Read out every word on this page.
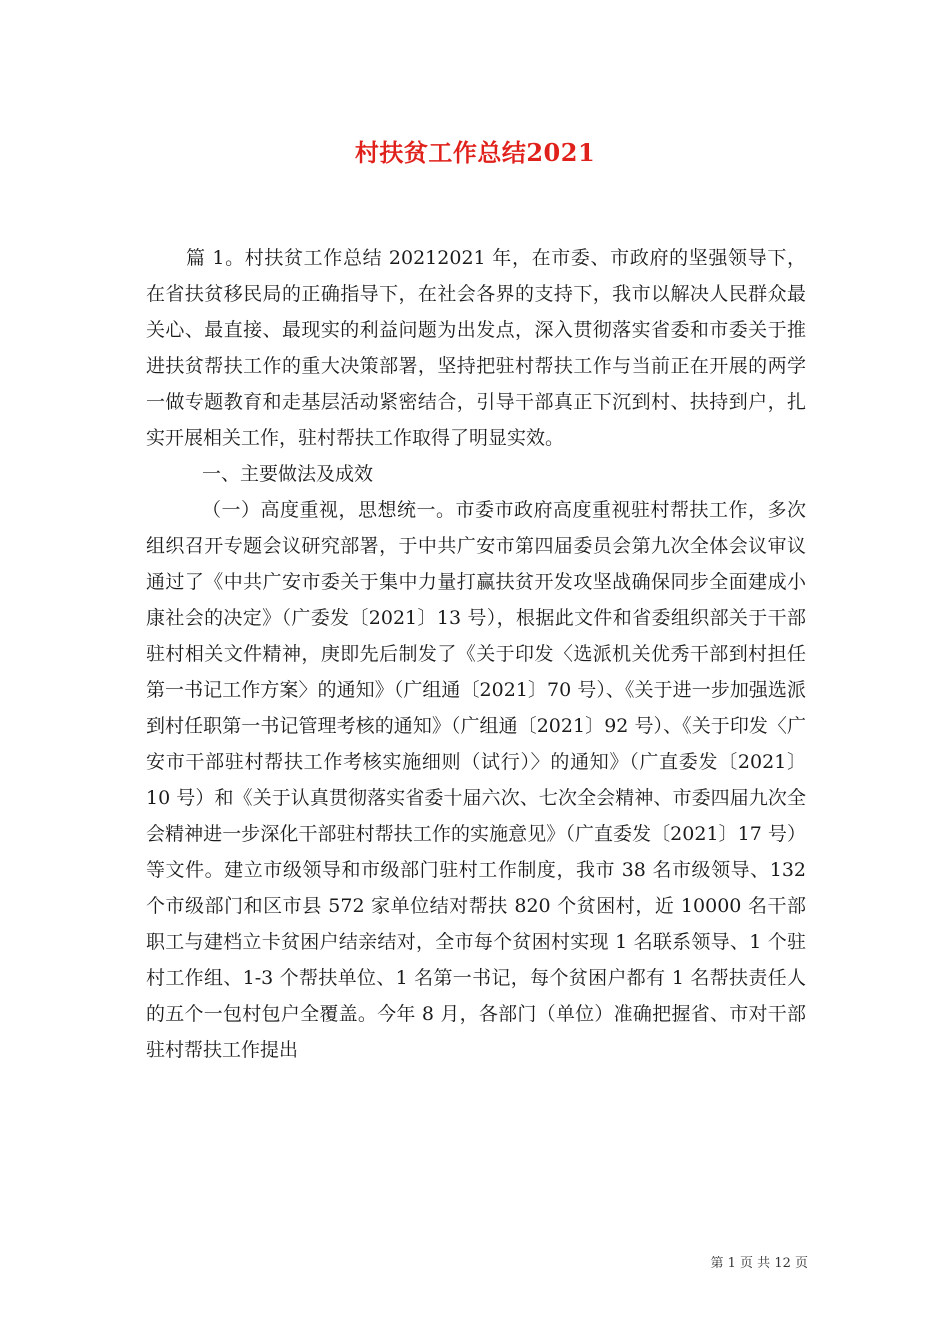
村扶贫工作总结2021

篇 1。村扶贫工作总结 20212021 年，在市委、市政府的坚强领导下，在省扶贫移民局的正确指导下，在社会各界的支持下，我市以解决人民群众最关心、最直接、最现实的利益问题为出发点，深入贯彻落实省委和市委关于推进扶贫帮扶工作的重大决策部署，坚持把驻村帮扶工作与当前正在开展的两学一做专题教育和走基层活动紧密结合，引导干部真正下沉到村、扶持到户，扎实开展相关工作，驻村帮扶工作取得了明显实效。

一、主要做法及成效

（一）高度重视，思想统一。市委市政府高度重视驻村帮扶工作，多次组织召开专题会议研究部署，于中共广安市第四届委员会第九次全体会议审议通过了《中共广安市委关于集中力量打赢扶贫开发攻坚战确保同步全面建成小康社会的决定》（广委发〔2021〕13 号），根据此文件和省委组织部关于干部驻村相关文件精神，庚即先后制发了《关于印发〈选派机关优秀干部到村担任第一书记工作方案〉的通知》（广组通〔2021〕70 号）、《关于进一步加强选派到村任职第一书记管理考核的通知》（广组通〔2021〕92 号）、《关于印发〈广安市干部驻村帮扶工作考核实施细则（试行）〉的通知》（广直委发〔2021〕10 号）和《关于认真贯彻落实省委十届六次、七次全会精神、市委四届九次全会精神进一步深化干部驻村帮扶工作的实施意见》（广直委发〔2021〕17 号）等文件。建立市级领导和市级部门驻村工作制度，我市 38 名市级领导、132 个市级部门和区市县 572 家单位结对帮扶 820 个贫困村，近 10000 名干部职工与建档立卡贫困户结亲结对，全市每个贫困村实现 1 名联系领导、1 个驻村工作组、1-3 个帮扶单位、1 名第一书记，每个贫困户都有 1 名帮扶责任人的五个一包村包户全覆盖。今年 8 月，各部门（单位）准确把握省、市对干部驻村帮扶工作提出

第 1 页 共 12 页
